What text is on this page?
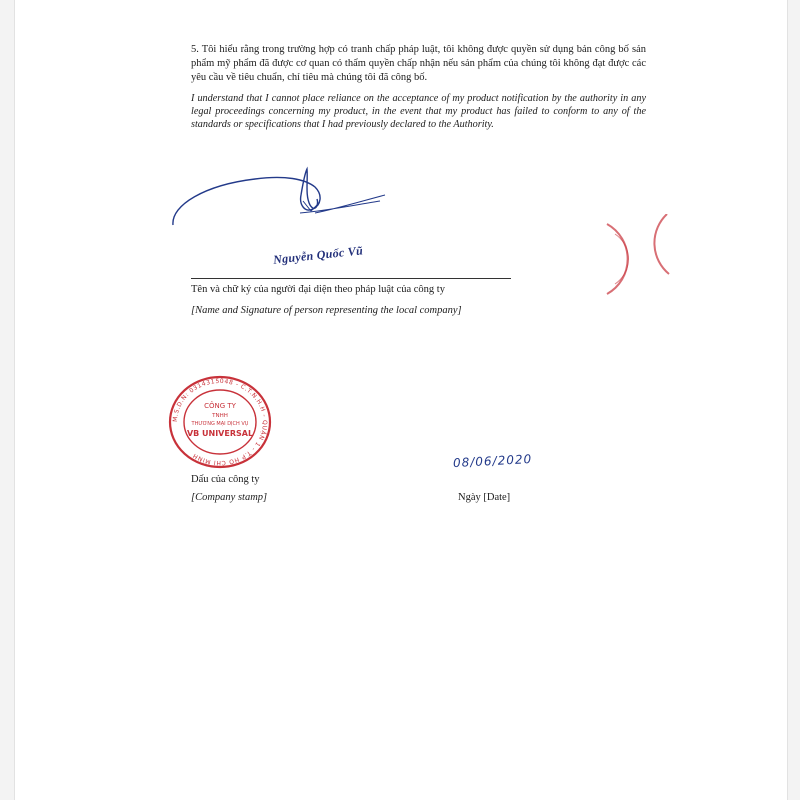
5. Tôi hiểu rằng trong trường hợp có tranh chấp pháp luật, tôi không được quyền sử dụng bản công bố sản phẩm mỹ phẩm đã được cơ quan có thẩm quyền chấp nhận nếu sản phẩm của chúng tôi không đạt được các yêu cầu về tiêu chuẩn, chỉ tiêu mà chúng tôi đã công bố.
I understand that I cannot place reliance on the acceptance of my product notification by the authority in any legal proceedings concerning my product, in the event that my product has failed to conform to any of the standards or specifications that I had previously declared to the Authority.
Nguyễn Quốc Vũ
Tên và chữ ký của người đại diện theo pháp luật của công ty
[Name and Signature of person representing the local company]
M.S.D.N: 0314315048 - C.T.N.H.H - QUẬN 1 - T.P HỒ CHÍ MINH
CÔNG TY
TNHH
THƯƠNG MẠI DỊCH VỤ
VB UNIVERSAL
Dấu của công ty
[Company stamp]
08/06/2020
Ngày [Date]
